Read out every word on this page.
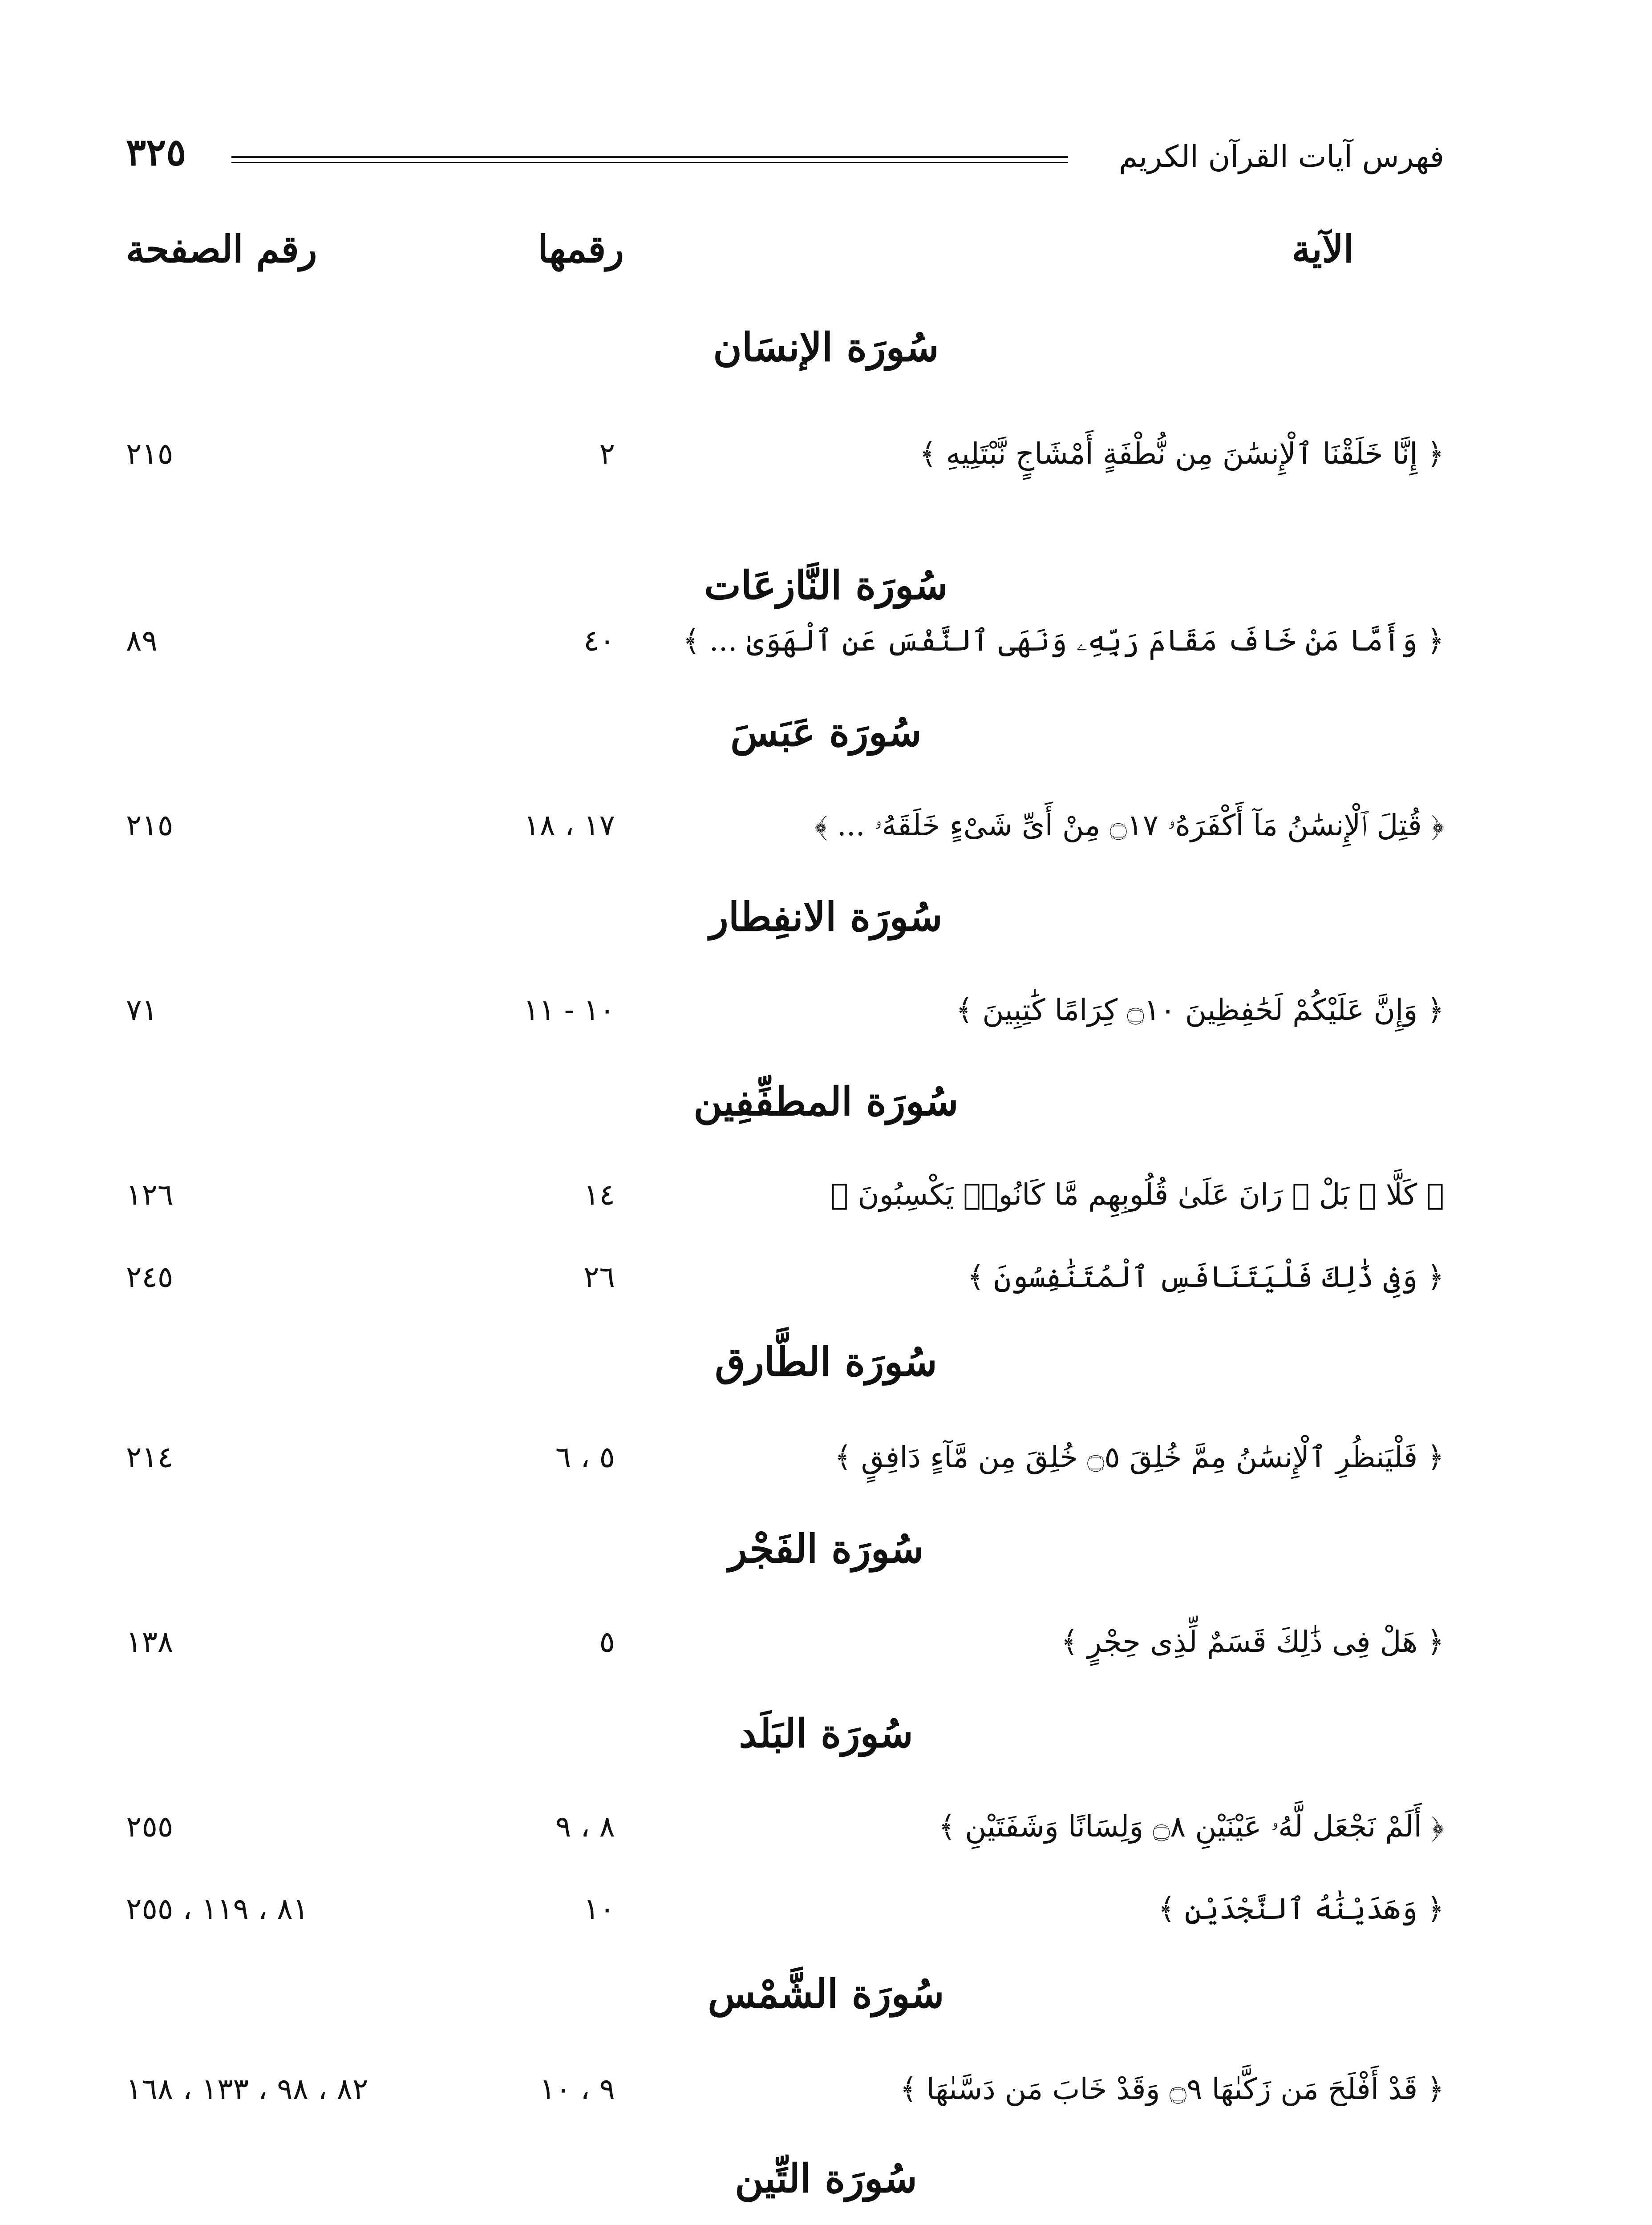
فهرس آيات القرآن الكريم
٣٢٥
الآية
رقمها
رقم الصفحة
سُورَة الإنسَان
﴿ إِنَّا خَلَقْنَا ٱلْإِنسَٰنَ مِن نُّطْفَةٍ أَمْشَاجٍ نَّبْتَلِيهِ ﴾
٢
٢١٥
سُورَة النَّازعَات
﴿ وَأَمَّا مَنْ خَافَ مَقَامَ رَبِّهِۦ وَنَهَى ٱلنَّفْسَ عَنِ ٱلْهَوَىٰ ... ﴾
٤٠
٨٩
سُورَة عَبَسَ
﴿ قُتِلَ ٱلْإِنسَٰنُ مَآ أَكْفَرَهُۥ ۝١٧ مِنْ أَىِّ شَىْءٍ خَلَقَهُۥ ... ﴾
١٧ ، ١٨
٢١٥
سُورَة الانفِطار
﴿ وَإِنَّ عَلَيْكُمْ لَحَٰفِظِينَ ۝١٠ كِرَامًا كَٰتِبِينَ ﴾
١٠ - ١١
٧١
سُورَة المطفِّفِين
﴿ كَلَّا ۖ بَلْ ۜ رَانَ عَلَىٰ قُلُوبِهِم مَّا كَانُوا۟ يَكْسِبُونَ ﴾
١٤
١٢٦
﴿ وَفِى ذَٰلِكَ فَلْيَتَنَافَسِ ٱلْمُتَنَٰفِسُونَ ﴾
٢٦
٢٤٥
سُورَة الطَّارق
﴿ فَلْيَنظُرِ ٱلْإِنسَٰنُ مِمَّ خُلِقَ ۝٥ خُلِقَ مِن مَّآءٍ دَافِقٍ ﴾
٥ ، ٦
٢١٤
سُورَة الفَجْر
﴿ هَلْ فِى ذَٰلِكَ قَسَمٌ لِّذِى حِجْرٍ ﴾
٥
١٣٨
سُورَة البَلَد
﴿ أَلَمْ نَجْعَل لَّهُۥ عَيْنَيْنِ ۝٨ وَلِسَانًا وَشَفَتَيْنِ ﴾
٨ ، ٩
٢٥٥
﴿ وَهَدَيْنَٰهُ ٱلنَّجْدَيْنِ ﴾
١٠
٨١ ، ١١٩ ، ٢٥٥
سُورَة الشَّمْس
﴿ قَدْ أَفْلَحَ مَن زَكَّىٰهَا ۝٩ وَقَدْ خَابَ مَن دَسَّىٰهَا ﴾
٩ ، ١٠
٨٢ ، ٩٨ ، ١٣٣ ، ١٦٨
سُورَة التِّين
